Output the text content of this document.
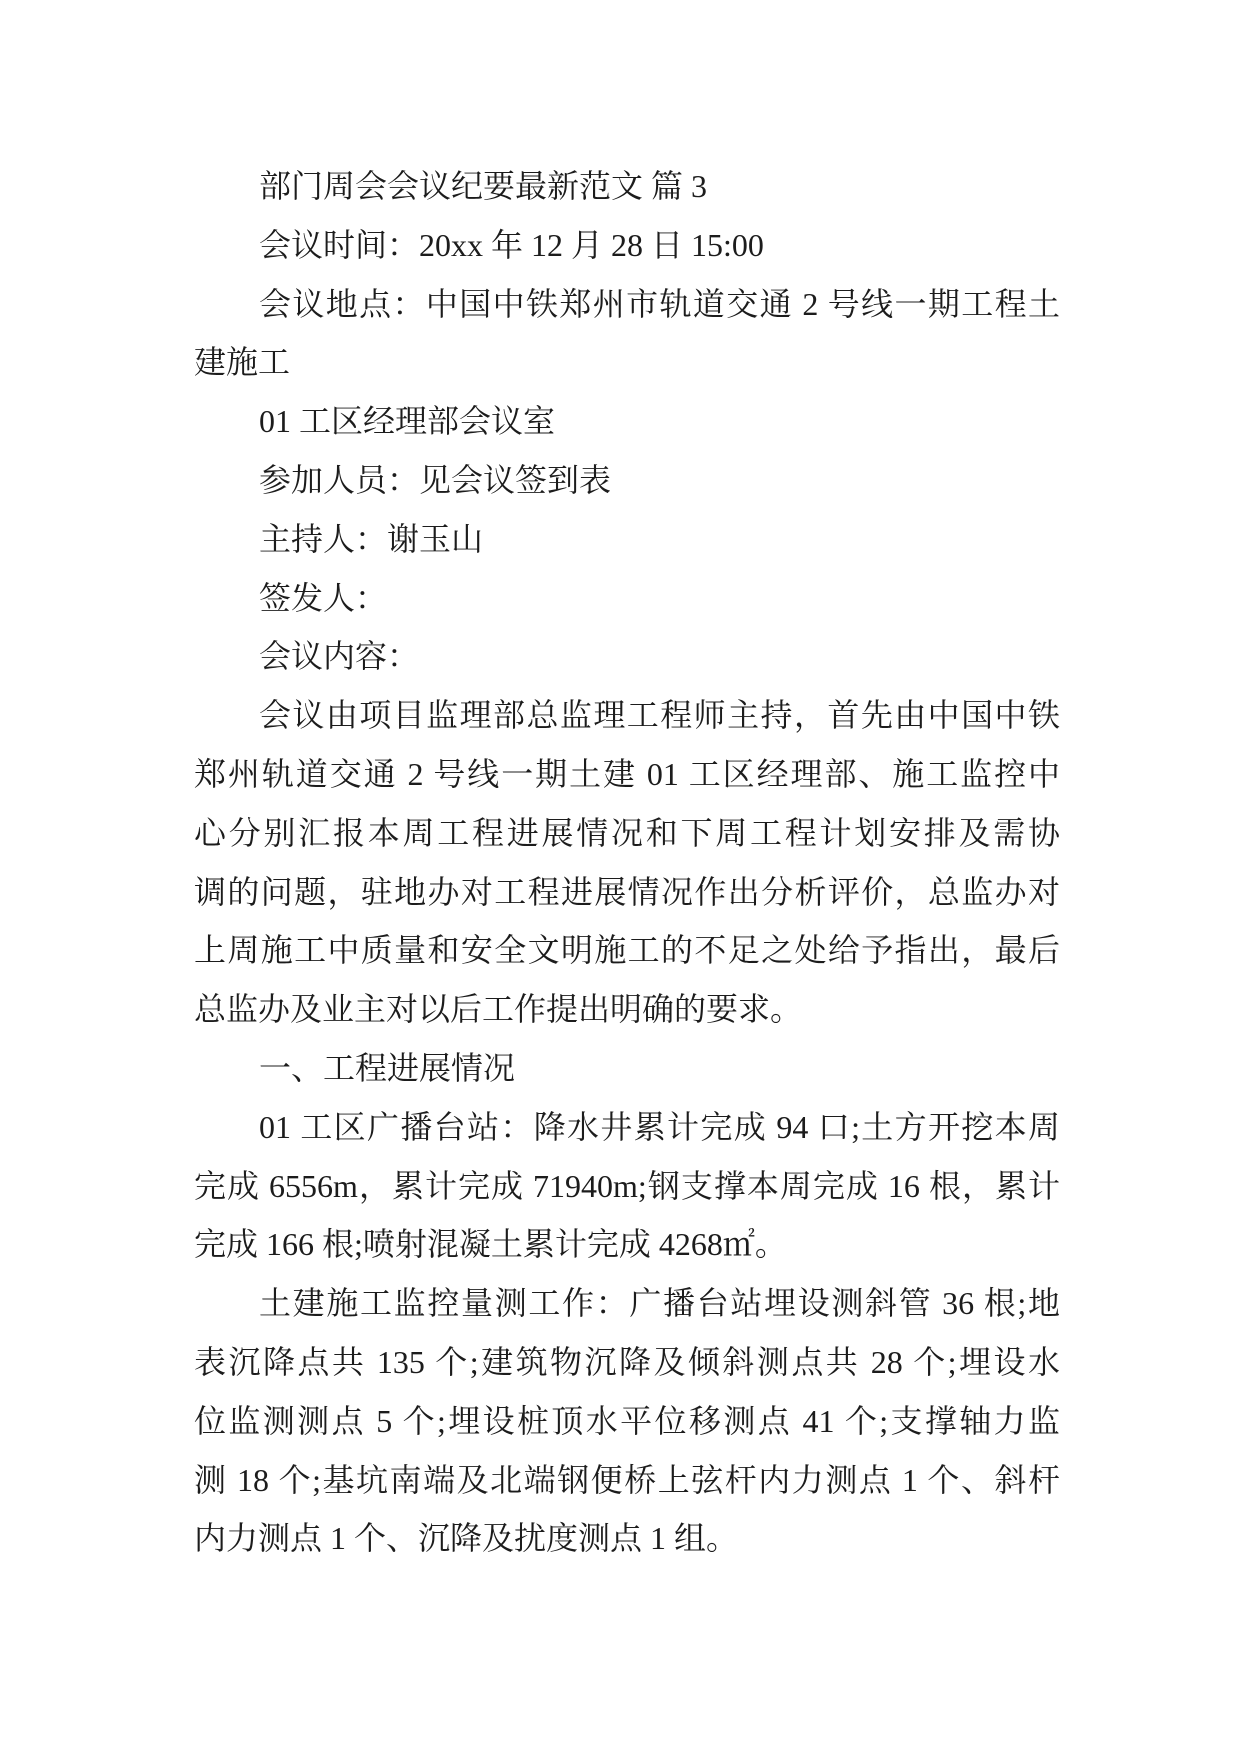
部门周会会议纪要最新范文 篇 3
会议时间：20xx 年 12 月 28 日 15:00
会议地点：中国中铁郑州市轨道交通 2 号线一期工程土
建施工
01 工区经理部会议室
参加人员：见会议签到表
主持人：谢玉山
签发人：
会议内容：
会议由项目监理部总监理工程师主持，首先由中国中铁
郑州轨道交通 2 号线一期土建 01 工区经理部、施工监控中
心分别汇报本周工程进展情况和下周工程计划安排及需协
调的问题，驻地办对工程进展情况作出分析评价，总监办对
上周施工中质量和安全文明施工的不足之处给予指出，最后
总监办及业主对以后工作提出明确的要求。
一、工程进展情况
01 工区广播台站：降水井累计完成 94 口;土方开挖本周
完成 6556m，累计完成 71940m;钢支撑本周完成 16 根，累计
完成 166 根;喷射混凝土累计完成 4268㎡。
土建施工监控量测工作：广播台站埋设测斜管 36 根;地
表沉降点共 135 个;建筑物沉降及倾斜测点共 28 个;埋设水
位监测测点 5 个;埋设桩顶水平位移测点 41 个;支撑轴力监
测 18 个;基坑南端及北端钢便桥上弦杆内力测点 1 个、斜杆
内力测点 1 个、沉降及扰度测点 1 组。
